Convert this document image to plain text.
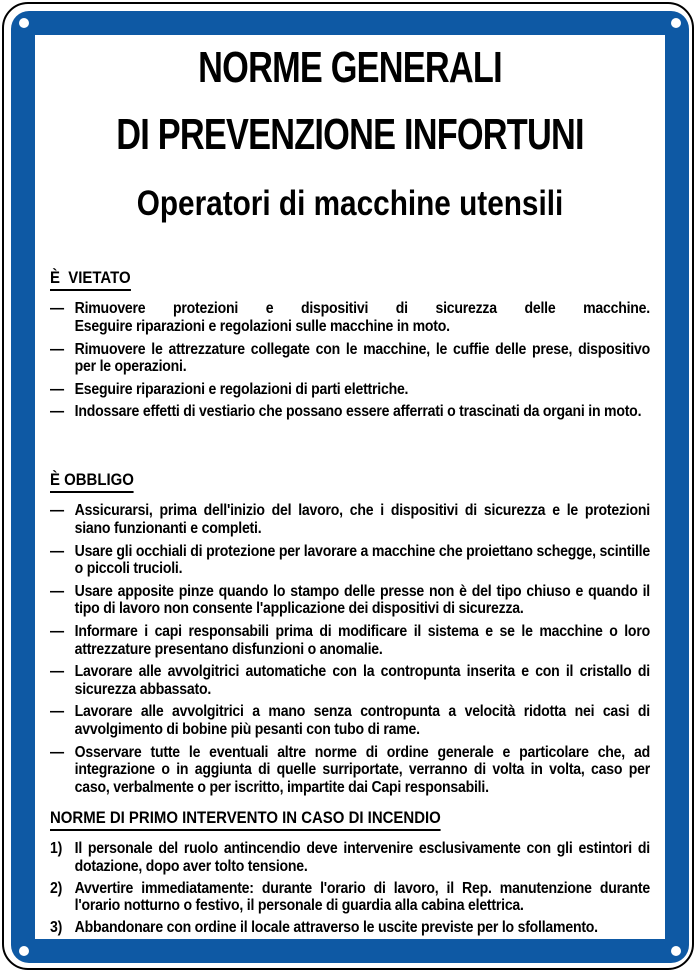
NORME GENERALI
DI PREVENZIONE INFORTUNI
Operatori di macchine utensili
È  VIETATO
— Rimuovere protezioni e dispositivi di sicurezza delle macchine.
Eseguire riparazioni e regolazioni sulle macchine in moto.
— Rimuovere le attrezzature collegate con le macchine, le cuffie delle prese, dispositivo per le operazioni.
— Eseguire riparazioni e regolazioni di parti elettriche.
— Indossare effetti di vestiario che possano essere afferrati o trascinati da organi in moto.
È OBBLIGO
— Assicurarsi, prima dell'inizio del lavoro, che i dispositivi di sicurezza e le protezioni siano funzionanti e completi.
— Usare gli occhiali di protezione per lavorare a macchine che proiettano schegge, scintille o piccoli trucioli.
— Usare apposite pinze quando lo stampo delle presse non è del tipo chiuso e quando il tipo di lavoro non consente l'applicazione dei dispositivi di sicurezza.
— Informare i capi responsabili prima di modificare il sistema e se le macchine o loro attrezzature presentano disfunzioni o anomalie.
— Lavorare alle avvolgitrici automatiche con la contropunta inserita e con il cristallo di sicurezza abbassato.
— Lavorare alle avvolgitrici a mano senza contropunta a velocità ridotta nei casi di avvolgimento di bobine più pesanti con tubo di rame.
— Osservare tutte le eventuali altre norme di ordine generale e particolare che, ad integrazione o in aggiunta di quelle surriportate, verranno di volta in volta, caso per caso, verbalmente o per iscritto, impartite dai Capi responsabili.
NORME DI PRIMO INTERVENTO IN CASO DI INCENDIO
1) Il personale del ruolo antincendio deve intervenire esclusivamente con gli estintori di dotazione, dopo aver tolto tensione.
2) Avvertire immediatamente: durante l'orario di lavoro, il Rep. manutenzione durante l'orario notturno o festivo, il personale di guardia alla cabina elettrica.
3) Abbandonare con ordine il locale attraverso le uscite previste per lo sfollamento.
